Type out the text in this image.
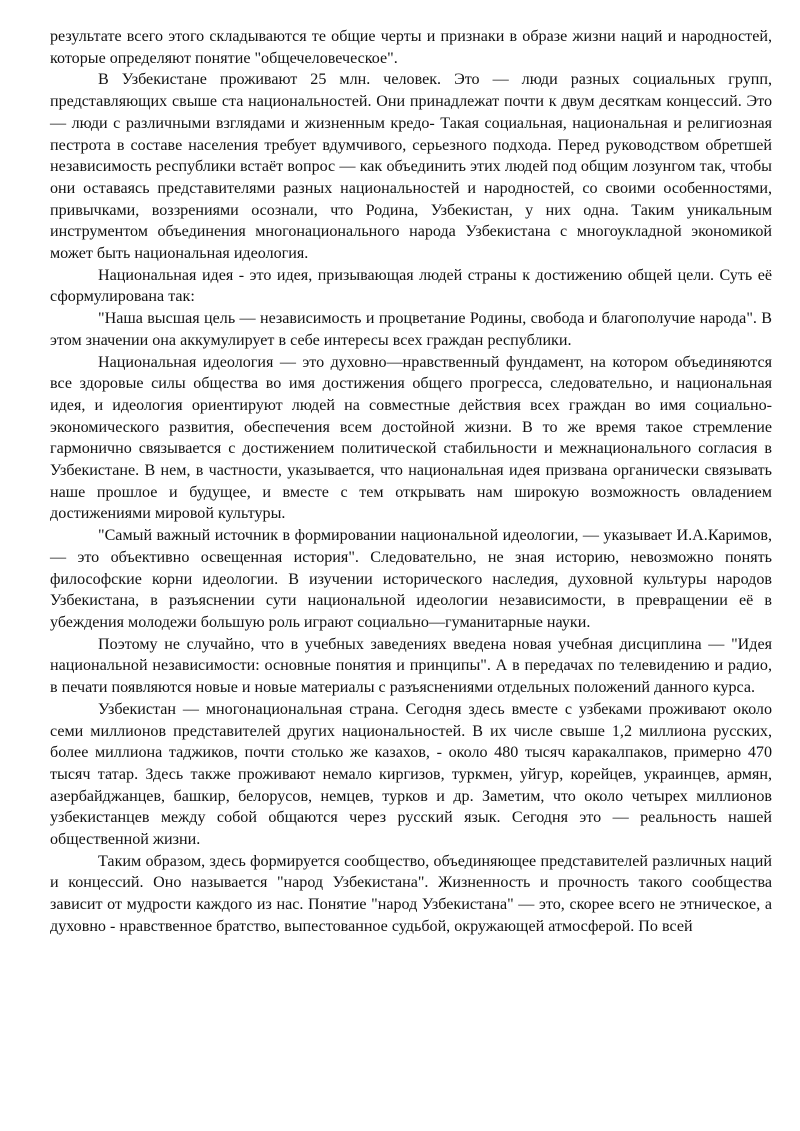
результате всего этого складываются те общие черты и признаки в образе жизни наций и народностей, которые определяют понятие "общечеловеческое".

В Узбекистане проживают 25 млн. человек. Это — люди разных социальных групп, представляющих свыше ста национальностей. Они принадлежат почти к двум десяткам концессий. Это — люди с различными взглядами и жизненным кредо- Такая социальная, национальная и религиозная пестрота в составе населения требует вдумчивого, серьезного подхода. Перед руководством обретшей независимость республики встаёт вопрос — как объединить этих людей под общим лозунгом так, чтобы они оставаясь представителями разных национальностей и народностей, со своими особенностями, привычками, воззрениями осознали, что Родина, Узбекистан, у них одна. Таким уникальным инструментом объединения многонационального народа Узбекистана с многоукладной экономикой может быть национальная идеология.

Национальная идея - это идея, призывающая людей страны к достижению общей цели. Суть её сформулирована так:

"Наша высшая цель — независимость и процветание Родины, свобода и благополучие народа". В этом значении она аккумулирует в себе интересы всех граждан республики.

Национальная идеология — это духовно—нравственный фундамент, на котором объединяются все здоровые силы общества во имя достижения общего прогресса, следовательно, и национальная идея, и идеология ориентируют людей на совместные действия всех граждан во имя социально-экономического развития, обеспечения всем достойной жизни. В то же время такое стремление гармонично связывается с достижением политической стабильности и межнационального согласия в Узбекистане. В нем, в частности, указывается, что национальная идея призвана органически связывать наше прошлое и будущее, и вместе с тем открывать нам широкую возможность овладением достижениями мировой культуры.

"Самый важный источник в формировании национальной идеологии, — указывает И.А.Каримов, — это объективно освещенная история". Следовательно, не зная историю, невозможно понять философские корни идеологии. В изучении исторического наследия, духовной культуры народов Узбекистана, в разъяснении сути национальной идеологии независимости, в превращении её в убеждения молодежи большую роль играют социально—гуманитарные науки.

Поэтому не случайно, что в учебных заведениях введена новая учебная дисциплина — "Идея национальной независимости: основные понятия и принципы". А в передачах по телевидению и радио, в печати появляются новые и новые материалы с разъяснениями отдельных положений данного курса.

Узбекистан — многонациональная страна. Сегодня здесь вместе с узбеками проживают около семи миллионов представителей других национальностей. В их числе свыше 1,2 миллиона русских, более миллиона таджиков, почти столько же казахов, - около 480 тысяч каракалпаков, примерно 470 тысяч татар. Здесь также проживают немало киргизов, туркмен, уйгур, корейцев, украинцев, армян, азербайджанцев, башкир, белорусов, немцев, турков и др. Заметим, что около четырех миллионов узбекистанцев между собой общаются через русский язык. Сегодня это — реальность нашей общественной жизни.

Таким образом, здесь формируется сообщество, объединяющее представителей различных наций и концессий. Оно называется "народ Узбекистана". Жизненность и прочность такого сообщества зависит от мудрости каждого из нас. Понятие "народ Узбекистана" — это, скорее всего не этническое, а духовно - нравственное братство, выпестованное судьбой, окружающей атмосферой. По всей
